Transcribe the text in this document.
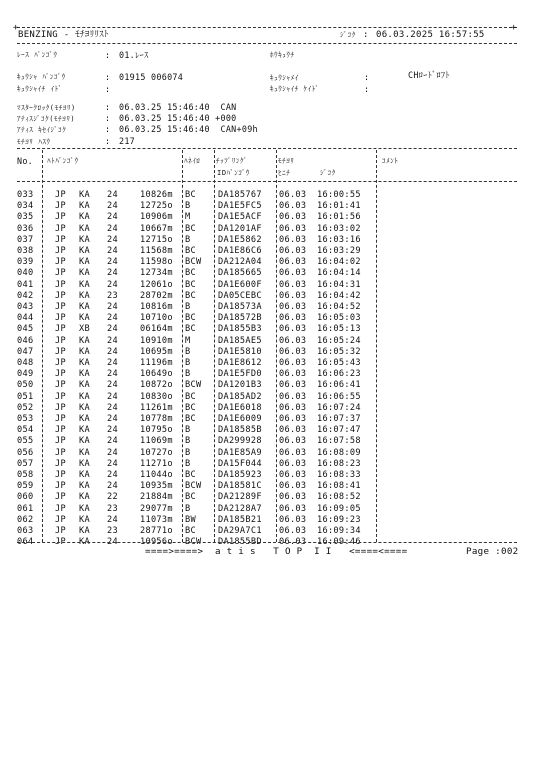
+	+
BENZING - ﾓﾁﾖﾘﾘｽﾄ	ｼﾞｺｸ : 06.03.2025 16:57:55
ﾚｰｽ ﾊﾞﾝｺﾞｳ	: 01.ﾚｰｽ	ﾎｳｷｭｳﾁ
ｷｭｳｼｬ ﾊﾞﾝｺﾞｳ	: 01915 006074	ｷｭｳｼｬﾒｲ	:	CHﾛｰﾄﾞﾛﾌﾄ
ｷｭｳｼｬｲﾁ ｲﾄﾞ	:	ｷｭｳｼｬｲﾁ ｹｲﾄﾞ	:
ﾏｽﾀｰｸﾛｯｸ(ﾓﾁﾖﾘ)	: 06.03.25 15:46:40  CAN
ｱﾃｨｽｼﾞｺｸ(ﾓﾁﾖﾘ)	: 06.03.25 15:46:40 +000
ｱﾃｨｽ ｷｾｲｼﾞｺｸ	: 06.03.25 15:46:40  CAN+09h
ﾓﾁﾖﾘ ﾊｽｳ	: 217
No. ﾊﾄﾊﾞﾝｺﾞｳ	ﾊﾈｲﾛ ﾁｯﾌﾟﾘﾝｸﾞ
IDﾊﾞﾝｺﾞｳ
ﾓﾁﾖﾘ
ﾋﾆﾁ	ｼﾞｺｸ
ｺﾒﾝﾄ
033	JP KA 24	10826m BC	DA185767 06.03 16:00:55
034	JP KA 24	12725o B	DA1E5FC5 06.03 16:01:41
035	JP KA 24	10906m M	DA1E5ACF 06.03 16:01:56
036	JP KA 24	10667m BC	DA1201AF 06.03 16:03:02
037	JP KA 24	12715o B	DA1E5862 06.03 16:03:16
038	JP KA 24	11568m BC	DA1E86C6 06.03 16:03:29
039	JP KA 24	11598o BCW DA212A04 06.03 16:04:02
040	JP KA 24	12734m BC	DA185665 06.03 16:04:14
041	JP KA 24	12061o BC	DA1E600F 06.03 16:04:31
042	JP KA 23	28702m BC	DA05CEBC 06.03 16:04:42
043	JP KA 24	10816m B	DA18573A 06.03 16:04:52
044	JP KA 24	10710o BC	DA18572B 06.03 16:05:03
045	JP XB 24	06164m BC	DA1855B3 06.03 16:05:13
046	JP KA 24	10910m M	DA185AE5 06.03 16:05:24
047	JP KA 24	10695m B	DA1E5810 06.03 16:05:32
048	JP KA 24	11196m B	DA1E8612 06.03 16:05:43
049	JP KA 24	10649o B	DA1E5FD0 06.03 16:06:23
050	JP KA 24	10872o BCW DA1201B3 06.03 16:06:41
051	JP KA 24	10830o BC	DA185AD2 06.03 16:06:55
052	JP KA 24	11261m BC	DA1E6018 06.03 16:07:24
053	JP KA 24	10778m BC	DA1E6009 06.03 16:07:37
054	JP KA 24	10795o B	DA18585B 06.03 16:07:47
055	JP KA 24	11069m B	DA299928 06.03 16:07:58
056	JP KA 24	10727o B	DA1E85A9 06.03 16:08:09
057	JP KA 24	11271o B	DA15F044 06.03 16:08:23
058	JP KA 24	11044o BC	DA185923 06.03 16:08:33
059	JP KA 24	10935m BCW DA18581C 06.03 16:08:41
060	JP KA 22	21884m BC	DA21289F 06.03 16:08:52
061	JP KA 23	29077m B	DA2128A7 06.03 16:09:05
062	JP KA 24	11073m BW	DA185B21 06.03 16:09:23
063	JP KA 23	28771o BC	DA29A7C1 06.03 16:09:34
064	JP KA 24	10956o BCW DA1855BD 06.03 16:09:46
====>====>  a t i s   T O P  I I   <====<====	Page :002
